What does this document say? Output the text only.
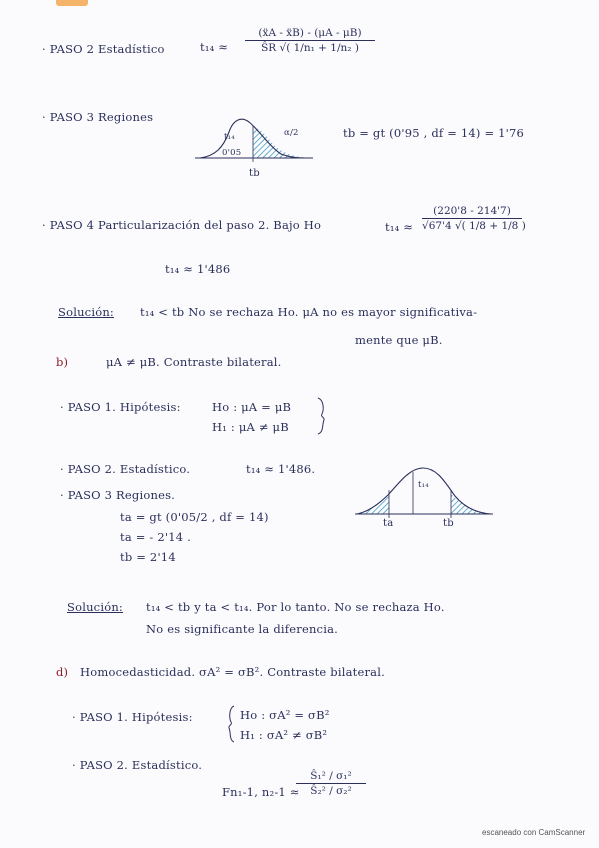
· PASO 2 Estadístico	t₁₄ ≈
(ẍA - ẍB) - (μA - μB)
ŜR √( 1/n₁ + 1/n₂ )
· PASO 3 Regiones
t₁₄
0'05
α/2
tb
tb = gt (0'95 , df = 14) = 1'76
· PASO 4 Particularización del paso 2. Bajo Ho	t₁₄ ≈
(220'8 - 214'7)
√67'4 √( 1/8 + 1/8 )
t₁₄ ≈ 1'486
Solución: t₁₄ < tb No se rechaza Ho. μA no es mayor significativa-
mente que μB.
b)	μA ≠ μB. Contraste bilateral.
· PASO 1. Hipótesis:	Ho : μA = μB
H₁ : μA ≠ μB
· PASO 2. Estadístico.	t₁₄ ≈ 1'486.
· PASO 3 Regiones.
ta = gt (0'05/2 , df = 14)
ta = - 2'14 .
tb = 2'14
t₁₄
ta	tb
Solución: t₁₄ < tb y ta < t₁₄. Por lo tanto. No se rechaza Ho.
No es significante la diferencia.
d) Homocedasticidad. σA² = σB². Contraste bilateral.
· PASO 1. Hipótesis:	Ho : σA² = σB²
H₁ : σA² ≠ σB²
· PASO 2. Estadístico.
Fn₁-1, n₂-1 ≈
Ŝ₁² / σ₁²
Ŝ₂² / σ₂²
escaneado con CamScanner
